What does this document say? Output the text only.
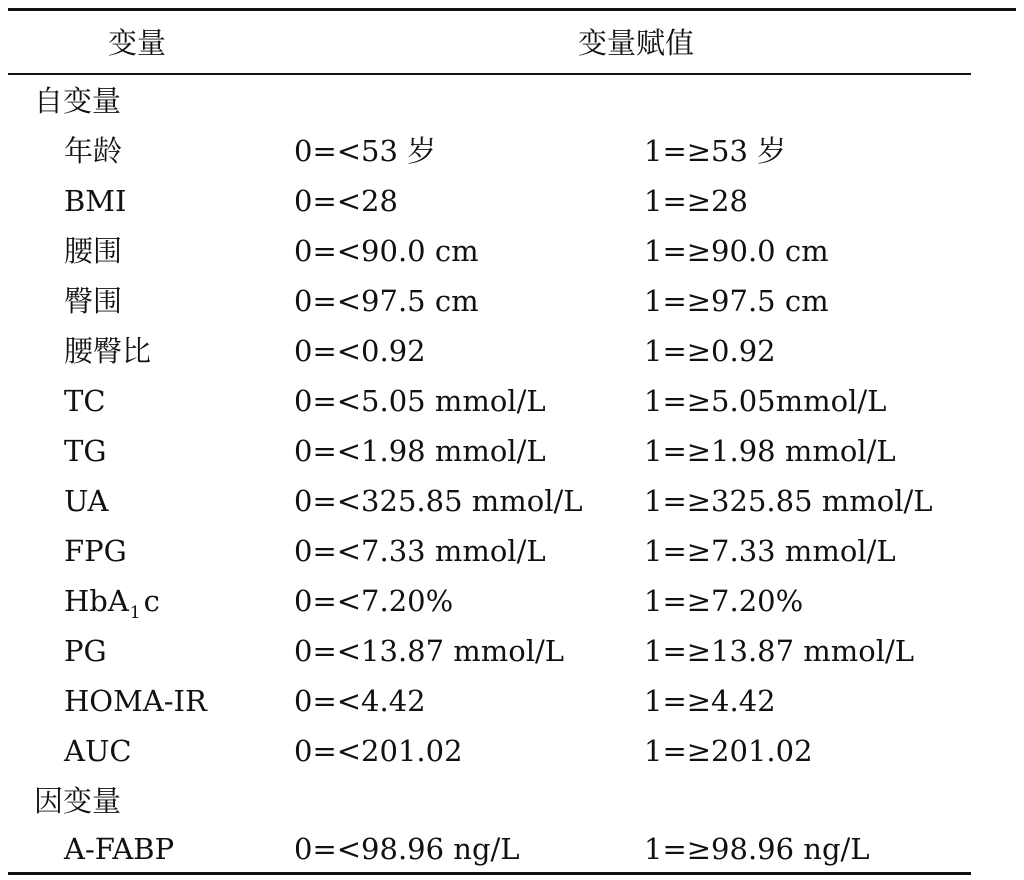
变量	变量赋值
自变量
年龄	0=<53 岁	1=≥53 岁
BMI	0=<28	1=≥28
腰围	0=<90.0 cm	1=≥90.0 cm
臀围	0=<97.5 cm	1=≥97.5 cm
腰臀比	0=<0.92	1=≥0.92
TC	0=<5.05 mmol/L	1=≥5.05mmol/L
TG	0=<1.98 mmol/L	1=≥1.98 mmol/L
UA	0=<325.85 mmol/L 1=≥325.85 mmol/L
FPG	0=<7.33 mmol/L	1=≥7.33 mmol/L
HbA$_1$ c	0=<7.20%	1=≥7.20%
PG	0=<13.87 mmol/L	1=≥13.87 mmol/L
HOMA-IR	0=<4.42	1=≥4.42
AUC	0=<201.02	1=≥201.02
因变量
A-FABP	0=<98.96 ng/L	1=≥98.96 ng/L
